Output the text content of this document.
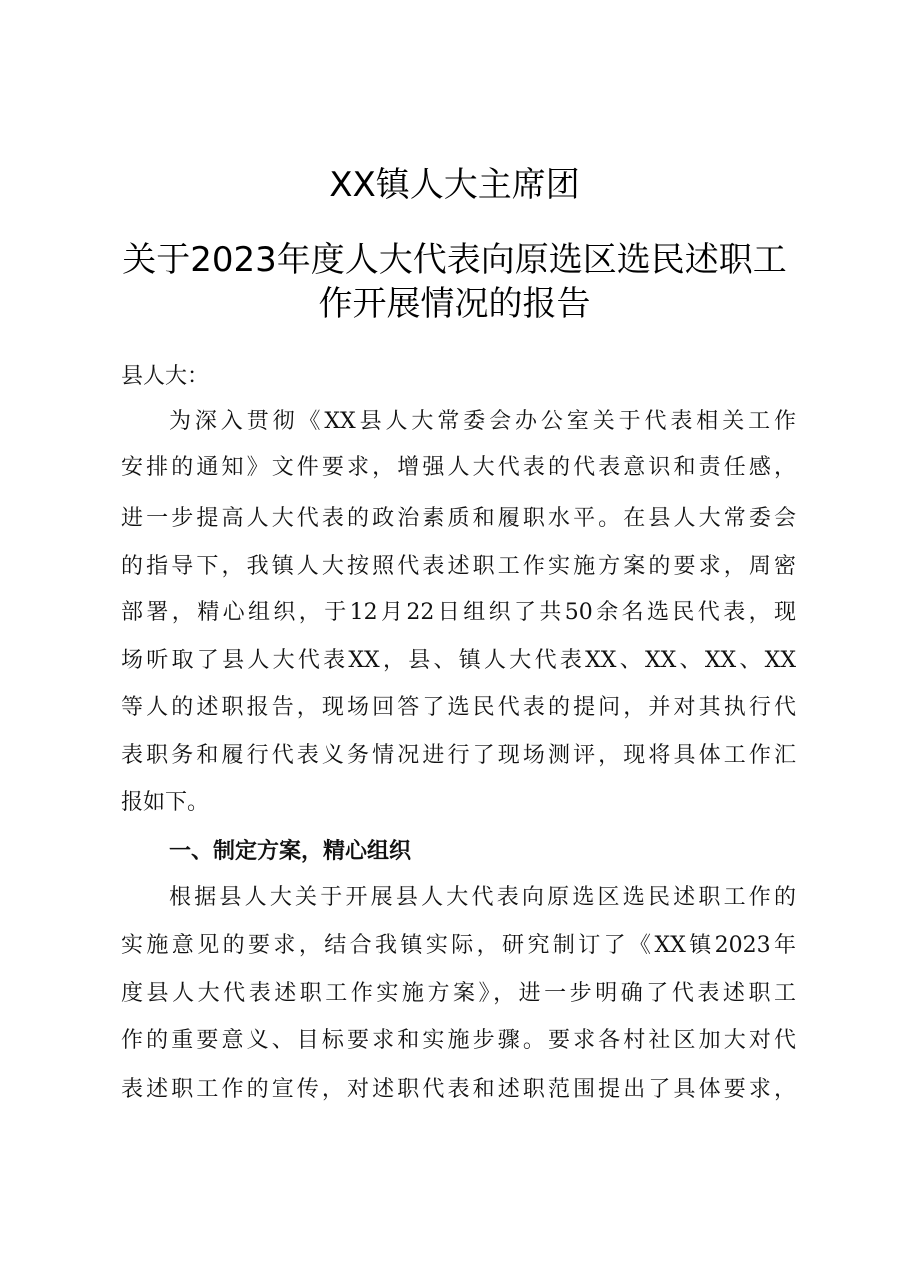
XX镇人大主席团
关于2023年度人大代表向原选区选民述职工
作开展情况的报告
县人大：
为深入贯彻《XX县人大常委会办公室关于代表相关工作
安排的通知》文件要求，增强人大代表的代表意识和责任感，
进一步提高人大代表的政治素质和履职水平。在县人大常委会
的指导下，我镇人大按照代表述职工作实施方案的要求，周密
部署，精心组织，于12月22日组织了共50余名选民代表，现
场听取了县人大代表XX，县、镇人大代表XX、XX、XX、XX
等人的述职报告，现场回答了选民代表的提问，并对其执行代
表职务和履行代表义务情况进行了现场测评，现将具体工作汇
报如下。
一、制定方案，精心组织
根据县人大关于开展县人大代表向原选区选民述职工作的
实施意见的要求，结合我镇实际，研究制订了《XX镇2023年
度县人大代表述职工作实施方案》，进一步明确了代表述职工
作的重要意义、目标要求和实施步骤。要求各村社区加大对代
表述职工作的宣传，对述职代表和述职范围提出了具体要求，
